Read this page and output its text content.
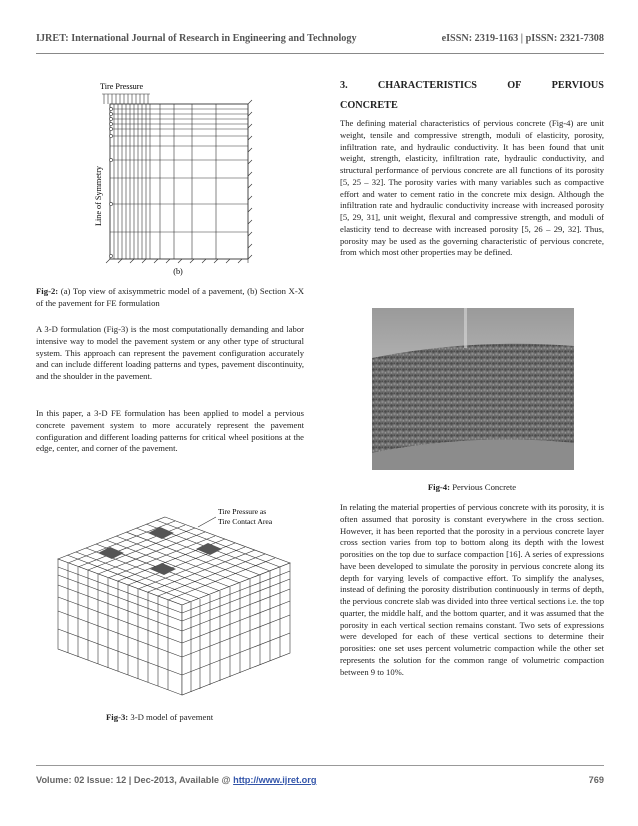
IJRET: International Journal of Research in Engineering and Technology	eISSN: 2319-1163 | pISSN: 2321-7308
Tire Pressure
Line of Symmetry
(b)
Fig-2: (a) Top view of axisymmetric model of a pavement, (b) Section X-X of the pavement for FE formulation

A 3-D formulation (Fig-3) is the most computationally demanding and labor intensive way to model the pavement system or any other type of structural system. This approach can represent the pavement configuration accurately and can include different loading patterns and types, pavement discontinuity, and the shoulder in the pavement.

In this paper, a 3-D FE formulation has been applied to model a pervious concrete pavement system to more accurately represent the pavement configuration and different loading patterns for critical wheel positions at the edge, center, and corner of the pavement.

Tire Pressure as
Tire Contact Area
Fig-3: 3-D model of pavement
3.	CHARACTERISTICS	OF	PERVIOUS
CONCRETE

The defining material characteristics of pervious concrete (Fig-4) are unit weight, tensile and compressive strength, moduli of elasticity, porosity, infiltration rate, and hydraulic conductivity. It has been found that unit weight, strength, elasticity, infiltration rate, hydraulic conductivity, and structural performance of pervious concrete are all functions of its porosity [5, 25 – 32]. The porosity varies with many variables such as compactive effort and water to cement ratio in the concrete mix design. Although the infiltration rate and hydraulic conductivity increase with increased porosity [5, 29, 31], unit weight, flexural and compressive strength, and moduli of elasticity tend to decrease with increased porosity [5, 26 – 29, 32]. Thus, porosity may be used as the governing characteristic of pervious concrete, from which most other properties may be defined.

Fig-4: Pervious Concrete

In relating the material properties of pervious concrete with its porosity, it is often assumed that porosity is constant everywhere in the cross section. However, it has been reported that the porosity in a pervious concrete layer cross section varies from top to bottom along its depth with the lowest porosities on the top due to surface compaction [16]. A series of expressions have been developed to simulate the porosity in pervious concrete along its depth for varying levels of compactive effort. To simplify the analyses, instead of defining the porosity distribution continuously in terms of depth, the pervious concrete slab was divided into three vertical sections i.e. the top quarter, the middle half, and the bottom quarter, and it was assumed that the porosity in each vertical section remains constant. Two sets of expressions were developed for each of these vertical sections to determine their porosities: one set uses percent volumetric compaction while the other set represents the solution for the common range of volumetric compaction between 9 to 10%.

Volume: 02 Issue: 12 | Dec-2013, Available @ http://www.ijret.org	769
